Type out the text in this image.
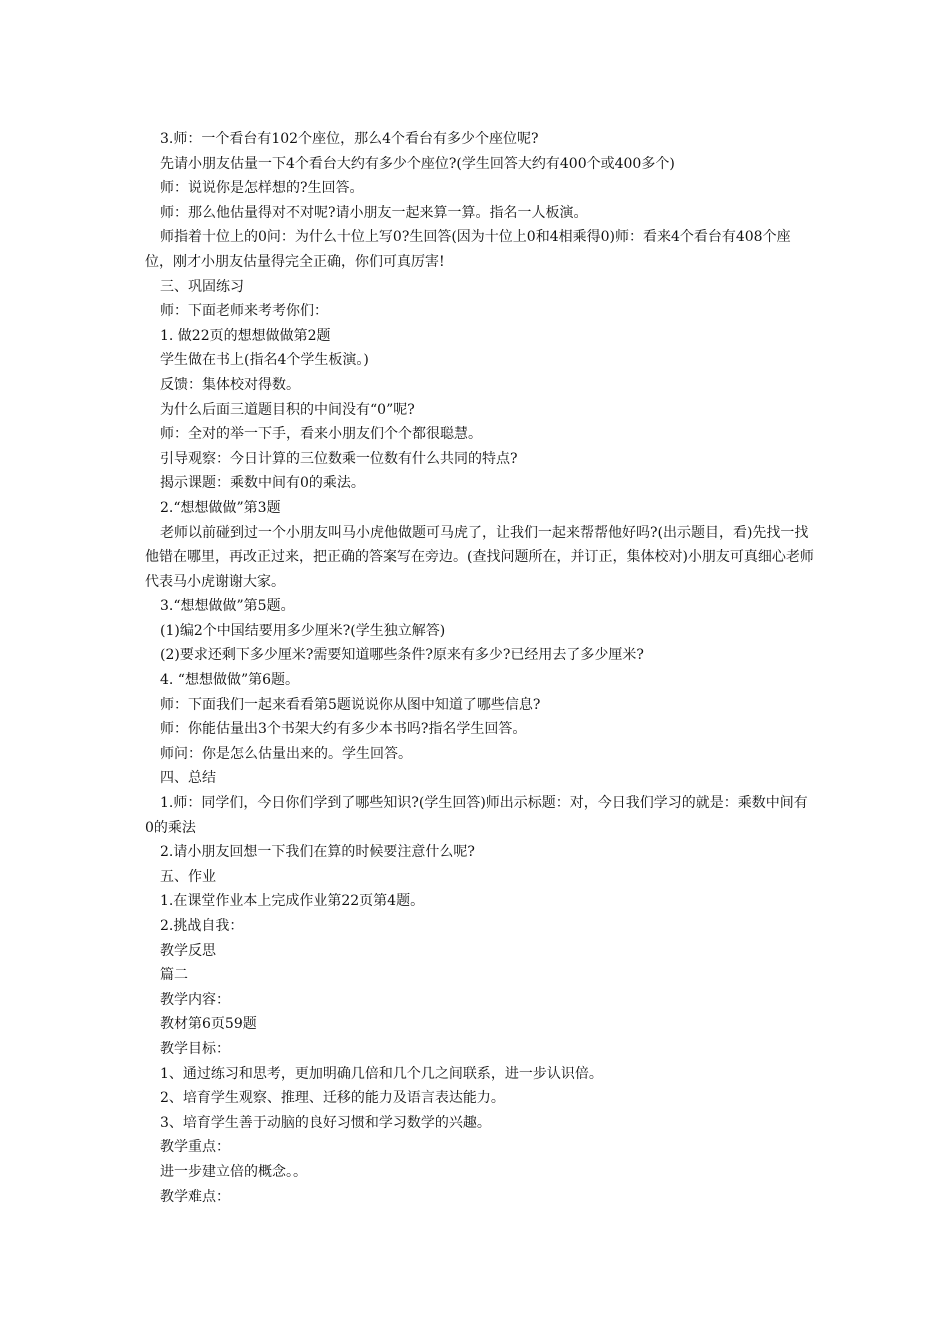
3.师：一个看台有102个座位，那么4个看台有多少个座位呢?

先请小朋友估量一下4个看台大约有多少个座位?(学生回答大约有400个或400多个)

师：说说你是怎样想的?生回答。

师：那么他估量得对不对呢?请小朋友一起来算一算。指名一人板演。

师指着十位上的0问：为什么十位上写0?生回答(因为十位上0和4相乘得0)师：看来4个看台有408个座位，刚才小朋友估量得完全正确，你们可真厉害!

三、巩固练习

师：下面老师来考考你们：

1. 做22页的想想做做第2题

学生做在书上(指名4个学生板演。)

反馈：集体校对得数。

为什么后面三道题目积的中间没有“0”呢?

师：全对的举一下手，看来小朋友们个个都很聪慧。

引导观察：今日计算的三位数乘一位数有什么共同的特点?

揭示课题：乘数中间有0的乘法。

2.“想想做做”第3题

老师以前碰到过一个小朋友叫马小虎他做题可马虎了，让我们一起来帮帮他好吗?(出示题目，看)先找一找他错在哪里，再改正过来，把正确的答案写在旁边。(查找问题所在，并订正，集体校对)小朋友可真细心老师代表马小虎谢谢大家。

3.“想想做做”第5题。

(1)编2个中国结要用多少厘米?(学生独立解答)

(2)要求还剩下多少厘米?需要知道哪些条件?原来有多少?已经用去了多少厘米?

4. “想想做做”第6题。

师：下面我们一起来看看第5题说说你从图中知道了哪些信息?

师：你能估量出3个书架大约有多少本书吗?指名学生回答。

师问：你是怎么估量出来的。学生回答。

四、总结

1.师：同学们，今日你们学到了哪些知识?(学生回答)师出示标题：对，今日我们学习的就是：乘数中间有0的乘法

2.请小朋友回想一下我们在算的时候要注意什么呢?

五、作业

1.在课堂作业本上完成作业第22页第4题。

2.挑战自我：

教学反思

篇二

教学内容：

教材第6页59题

教学目标：

1、通过练习和思考，更加明确几倍和几个几之间联系，进一步认识倍。

2、培育学生观察、推理、迁移的能力及语言表达能力。

3、培育学生善于动脑的良好习惯和学习数学的兴趣。

教学重点：

进一步建立倍的概念。。

教学难点：
